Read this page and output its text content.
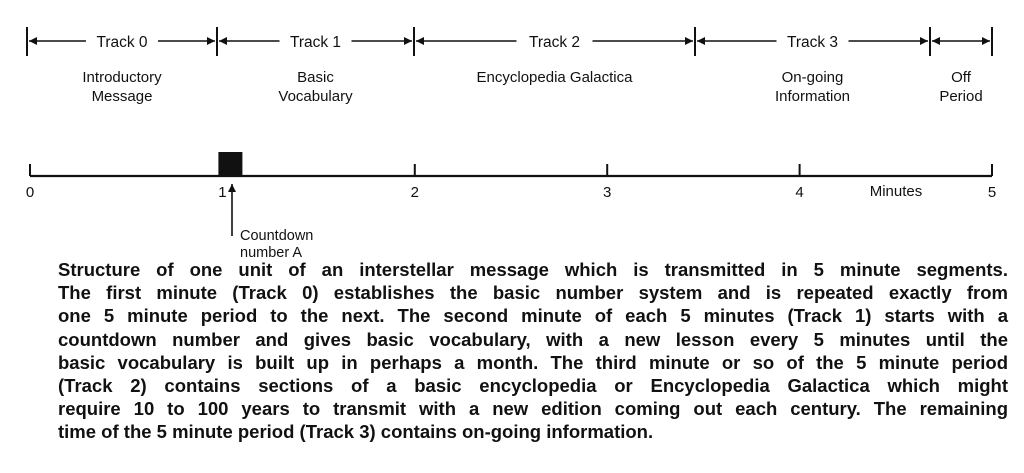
Track 0
Introductory
Message
Track 1
Basic
Vocabulary
Track 2
Encyclopedia Galactica
Track 3
On-going
Information
Off
Period
0	1	2	3	4	5
Minutes
Countdown
number A
Structure of one unit of an interstellar message which is transmitted in 5 minute segments.
The first minute (Track 0) establishes the basic number system and is repeated exactly from
one 5 minute period to the next. The second minute of each 5 minutes (Track 1) starts with a
countdown number and gives basic vocabulary, with a new lesson every 5 minutes until the
basic vocabulary is built up in perhaps a month. The third minute or so of the 5 minute period
(Track 2) contains sections of a basic encyclopedia or Encyclopedia Galactica which might
require 10 to 100 years to transmit with a new edition coming out each century. The remaining
time of the 5 minute period (Track 3) contains on-going information.
